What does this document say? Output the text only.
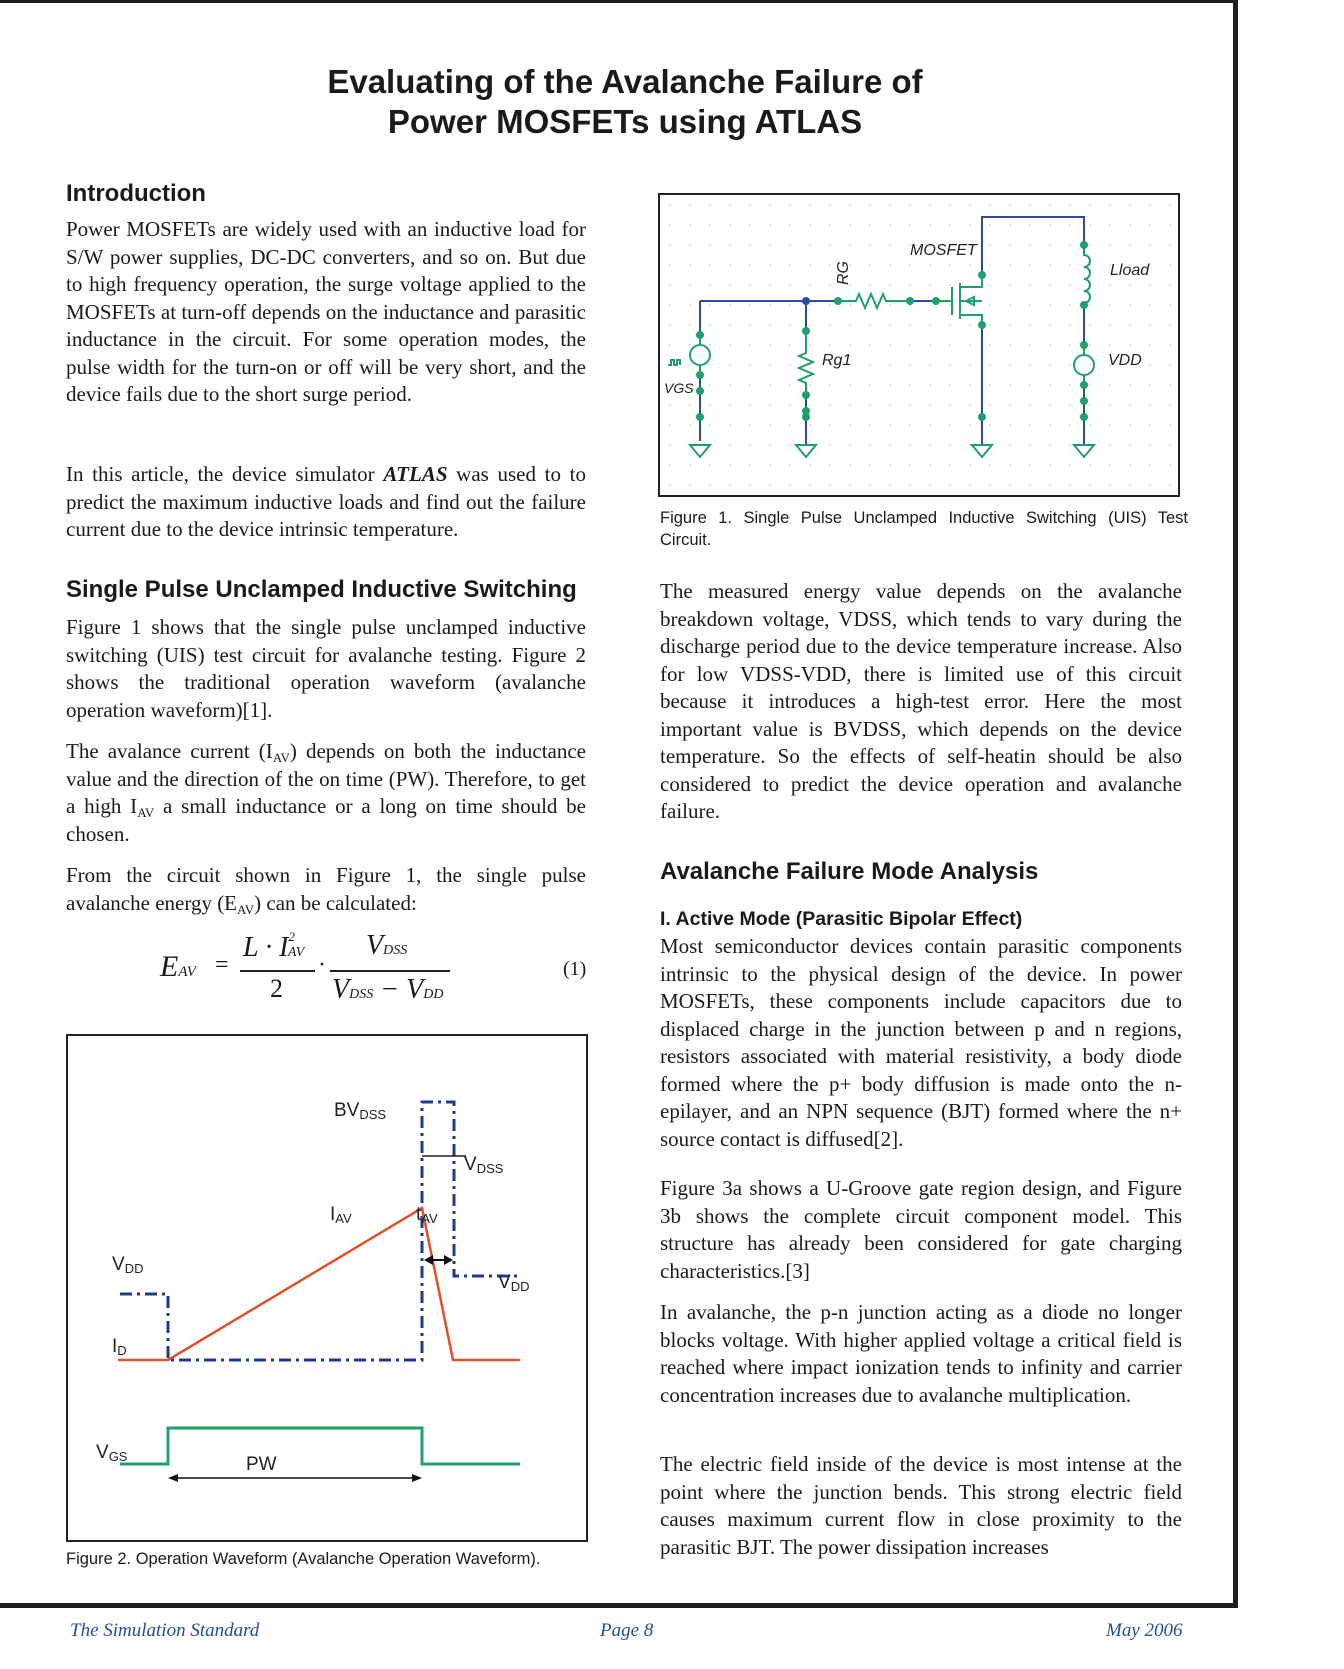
Evaluating of the Avalanche Failure of
Power MOSFETs using ATLAS
Introduction

Power MOSFETs are widely used with an inductive load for S/W power supplies, DC-DC converters, and so on. But due to high frequency operation, the surge voltage applied to the MOSFETs at turn-off depends on the inductance and parasitic inductance in the circuit. For some operation modes, the pulse width for the turn-on or off will be very short, and the device fails due to the short surge period.

In this article, the device simulator ATLAS was used to to predict the maximum inductive loads and find out the failure current due to the device intrinsic temperature.

Single Pulse Unclamped Inductive Switching

Figure 1 shows that the single pulse unclamped inductive switching (UIS) test circuit for avalanche testing. Figure 2 shows the traditional operation waveform (avalanche operation waveform)[1].

The avalance current $(I_{AV})$ depends on both the inductance value and the direction of the on time (PW). Therefore, to get a high $I_{AV}$ a small inductance or a long on time should be chosen.

From the circuit shown in Figure 1, the single pulse avalanche energy $(E_{AV})$ can be calculated:

EAV =
$L \cdot I^2AV$
2
·
VDSS
VDSS − VDD
(1)
BVDSS
VDSS
IAV	tAV
VDD
VDD
ID
VGS	PW
Figure 2. Operation Waveform (Avalanche Operation Waveform).
MOSFET
RG	Lload
Rg1
VGS
VDD
Figure 1. Single Pulse Unclamped Inductive Switching (UIS) Test Circuit.

The measured energy value depends on the avalanche breakdown voltage, VDSS, which tends to vary during the discharge period due to the device temperature increase. Also for low VDSS-VDD, there is limited use of this circuit because it introduces a high-test error. Here the most important value is BVDSS, which depends on the device temperature. So the effects of self-heatin should be also considered to predict the device operation and avalanche failure.

Avalanche Failure Mode Analysis
I. Active Mode (Parasitic Bipolar Effect)

Most semiconductor devices contain parasitic components intrinsic to the physical design of the device. In power MOSFETs, these components include capacitors due to displaced charge in the junction between p and n regions, resistors associated with material resistivity, a body diode formed where the p+ body diffusion is made onto the n- epilayer, and an NPN sequence (BJT) formed where the n+ source contact is diffused[2].

Figure 3a shows a U-Groove gate region design, and Figure 3b shows the complete circuit component model. This structure has already been considered for gate charging characteristics.[3]

In avalanche, the p-n junction acting as a diode no longer blocks voltage. With higher applied voltage a critical field is reached where impact ionization tends to infinity and carrier concentration increases due to avalanche multiplication.

The electric field inside of the device is most intense at the point where the junction bends. This strong electric field causes maximum current flow in close proximity to the parasitic BJT. The power dissipation increases

The Simulation Standard	Page 8	May 2006
